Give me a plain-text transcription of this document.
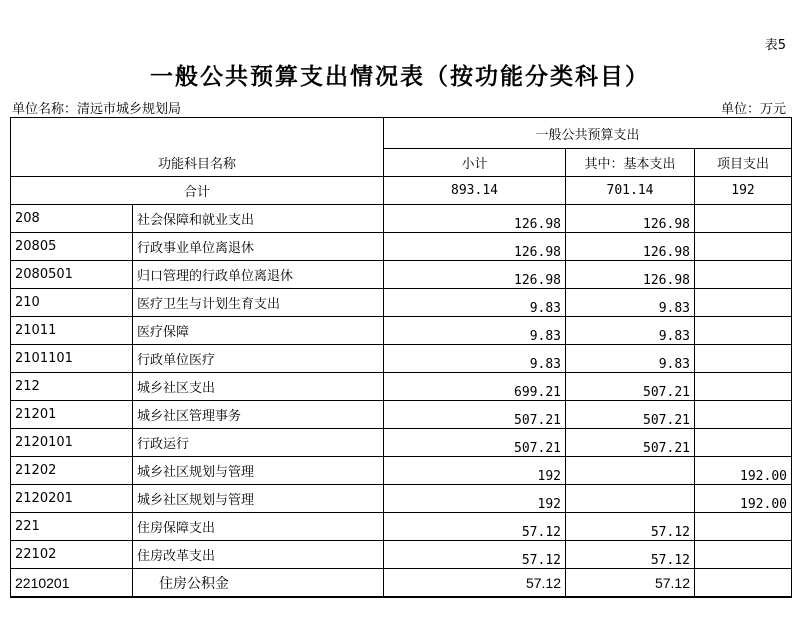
表5
一般公共预算支出情况表（按功能分类科目）
单位名称：清远市城乡规划局	单位：万元
		一般公共预算支出		
功能科目名称		小计	其中：基本支出	项目支出
合计		893.14	701.14	192
208	社会保障和就业支出	126.98	126.98	
20805	行政事业单位离退休	126.98	126.98	
2080501	归口管理的行政单位离退休	126.98	126.98	
210	医疗卫生与计划生育支出	9.83	9.83	
21011	医疗保障	9.83	9.83	
2101101	行政单位医疗	9.83	9.83	
212	城乡社区支出	699.21	507.21	
21201	城乡社区管理事务	507.21	507.21	
2120101	行政运行	507.21	507.21	
21202	城乡社区规划与管理	192		192.00
2120201	城乡社区规划与管理	192		192.00
221	住房保障支出	57.12	57.12	
22102	住房改革支出	57.12	57.12	
2210201	住房公积金	57.12	57.12	
